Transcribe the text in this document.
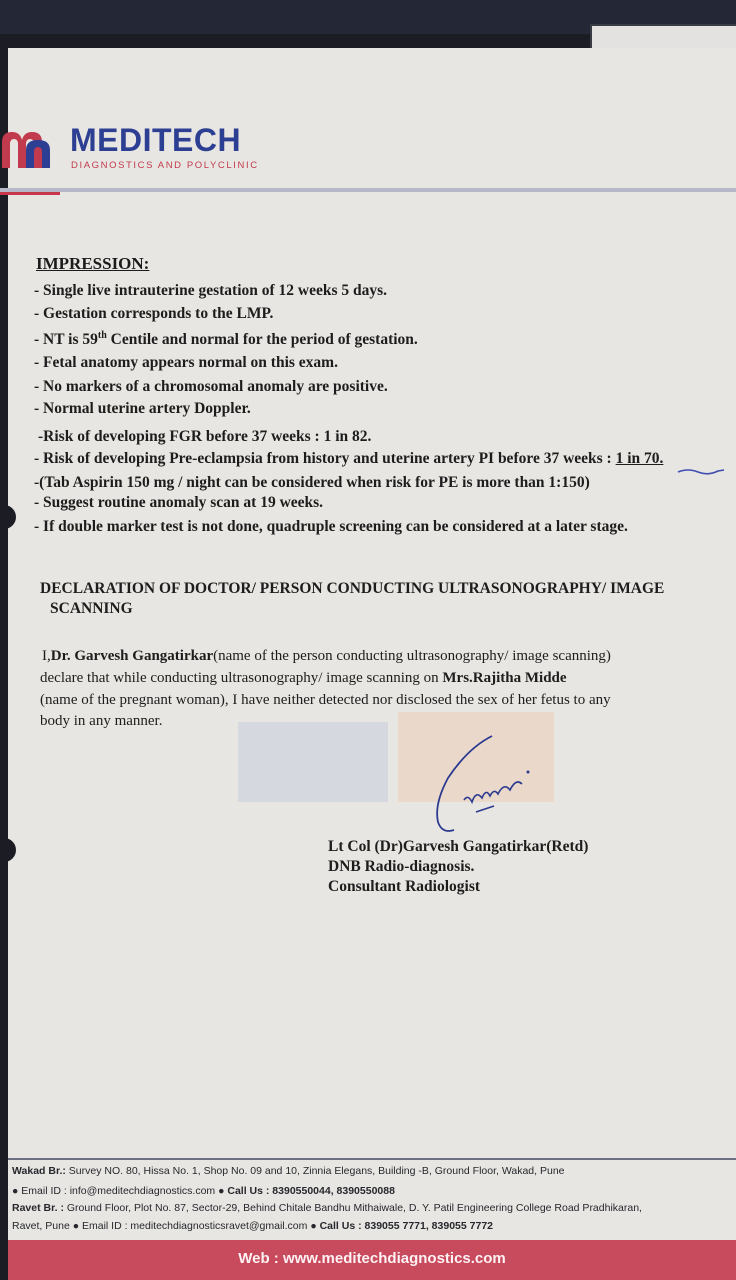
MEDITECH
DIAGNOSTICS AND POLYCLINIC
IMPRESSION:
- Single live intrauterine gestation of 12 weeks 5 days.
- Gestation corresponds to the LMP.
- NT is 59th Centile and normal for the period of gestation.
- Fetal anatomy appears normal on this exam.
- No markers of a chromosomal anomaly are positive.
- Normal uterine artery Doppler.
-Risk of developing FGR before 37 weeks : 1 in 82.
- Risk of developing Pre-eclampsia from history and uterine artery PI before 37 weeks : 1 in 70.
-(Tab Aspirin 150 mg / night can be considered when risk for PE is more than 1:150)
- Suggest routine anomaly scan at 19 weeks.
- If double marker test is not done, quadruple screening can be considered at a later stage.
DECLARATION OF DOCTOR/ PERSON CONDUCTING ULTRASONOGRAPHY/ IMAGE
SCANNING
I,Dr. Garvesh Gangatirkar(name of the person conducting ultrasonography/ image scanning)
declare that while conducting ultrasonography/ image scanning on Mrs.Rajitha Midde
(name of the pregnant woman), I have neither detected nor disclosed the sex of her fetus to any
body in any manner.
Lt Col (Dr)Garvesh Gangatirkar(Retd)
DNB Radio-diagnosis.
Consultant Radiologist
Wakad Br.: Survey NO. 80, Hissa No. 1, Shop No. 09 and 10, Zinnia Elegans, Building -B, Ground Floor, Wakad, Pune
● Email ID : info@meditechdiagnostics.com ● Call Us : 8390550044, 8390550088
Ravet Br. : Ground Floor, Plot No. 87, Sector-29, Behind Chitale Bandhu Mithaiwale, D. Y. Patil Engineering College Road Pradhikaran,
Ravet, Pune ● Email ID : meditechdiagnosticsravet@gmail.com ● Call Us : 839055 7771, 839055 7772
Web : www.meditechdiagnostics.com
